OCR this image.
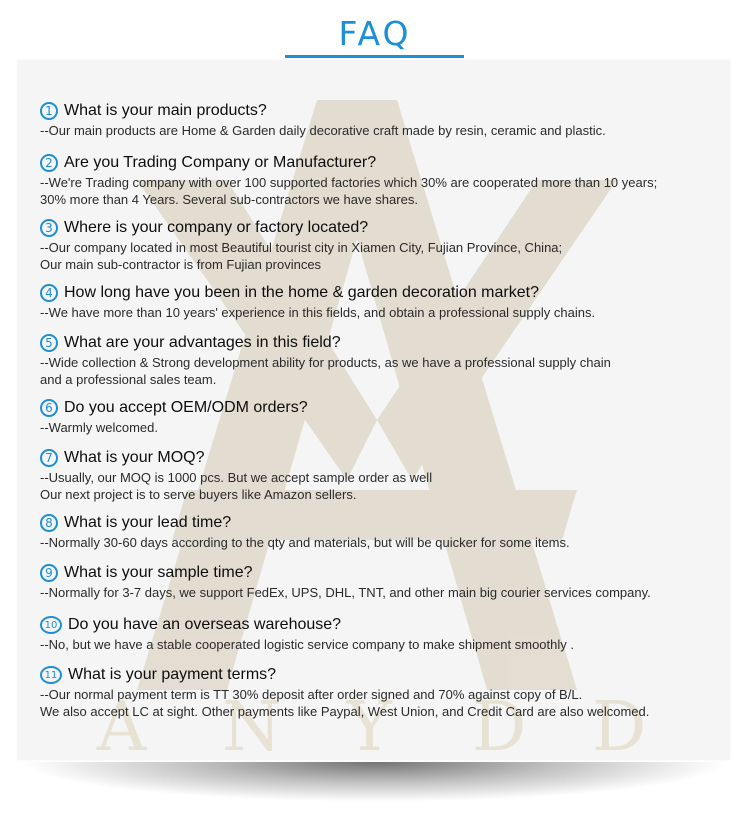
FAQ
A N Y D D
1 What is your main products?
--Our main products are Home & Garden daily decorative craft made by resin, ceramic and plastic.
2 Are you Trading Company or Manufacturer?
--We're Trading company with over 100 supported factories which 30% are cooperated more than 10 years;
30% more than 4 Years. Several sub-contractors we have shares.
3 Where is your company or factory located?
--Our company located in most Beautiful tourist city in Xiamen City, Fujian Province, China;
Our main sub-contractor is from Fujian provinces
4 How long have you been in the home & garden decoration market?
--We have more than 10 years' experience in this fields, and obtain a professional supply chains.
5 What are your advantages in this field?
--Wide collection & Strong development ability for products, as we have a professional supply chain
and a professional sales team.
6 Do you accept OEM/ODM orders?
--Warmly welcomed.
7 What is your MOQ?
--Usually, our MOQ is 1000 pcs. But we accept sample order as well
Our next project is to serve buyers like Amazon sellers.
8 What is your lead time?
--Normally 30-60 days according to the qty and materials, but will be quicker for some items.
9 What is your sample time?
--Normally for 3-7 days, we support FedEx, UPS, DHL, TNT, and other main big courier services company.
10 Do you have an overseas warehouse?
--No, but we have a stable cooperated logistic service company to make shipment smoothly .
11 What is your payment terms?
--Our normal payment term is TT 30% deposit after order signed and 70% against copy of B/L.
We also accept LC at sight. Other payments like Paypal, West Union, and Credit Card are also welcomed.
